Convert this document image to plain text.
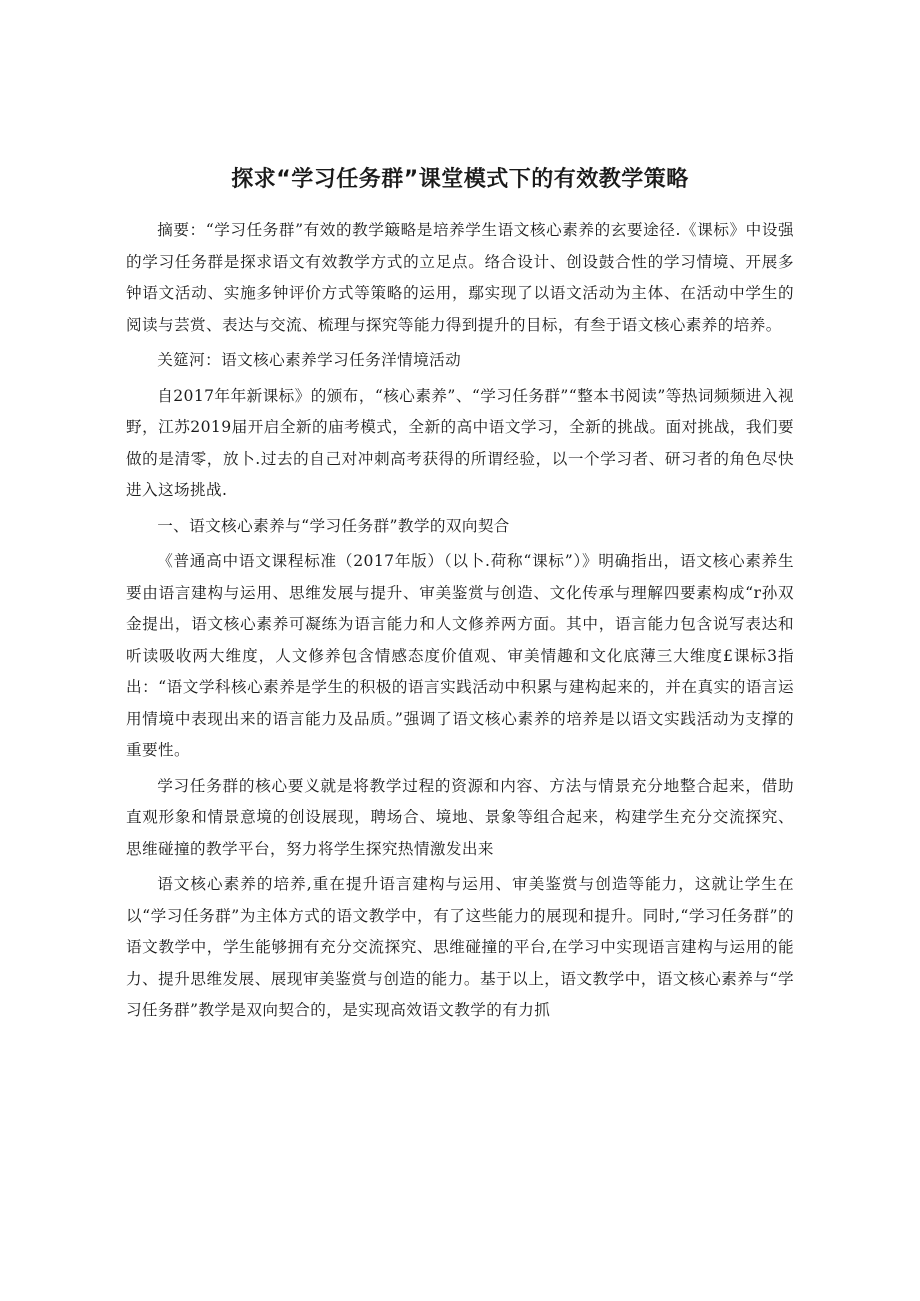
探求“学习任务群”课堂模式下的有效教学策略

摘要：“学习任务群”有效的教学簸略是培养学生语文核心素养的玄要途径.《课标》中设强的学习任务群是探求语文有效教学方式的立足点。络合设计、创设鼓合性的学习情境、开展多钟语文活动、实施多钟评价方式等策略的运用，鄢实现了以语文活动为主体、在活动中学生的阅读与芸赏、表达与交流、梳理与探究等能力得到提升的目标，有叁于语文核心素养的培养。

关筵河：语文核心素养学习任务洋情境活动

自2017年年新课标》的颁布，“核心素养”、“学习任务群”“整本书阅读”等热词频频进入视野，江苏2019届开启全新的庙考模式，全新的高中语文学习，全新的挑战。面对挑战，我们要做的是清零，放卜.过去的自己对冲刺高考获得的所谓经验，以一个学习者、研习者的角色尽快进入这场挑战.

一、语文核心素养与“学习任务群”教学的双向契合

《普通高中语文课程标准（2017年版）（以卜.荷称“课标”）》明确指出，语文核心素养生要由语言建构与运用、思维发展与提升、审美鉴赏与创造、文化传承与理解四要素构成“r孙双金提出，语文核心素养可凝练为语言能力和人文修养两方面。其中，语言能力包含说写表达和听读吸收两大维度，人文修养包含情感态度价值观、审美情趣和文化底薄三大维度£课标3指出：“语文学科核心素养是学生的积极的语言实践活动中积累与建构起来的，并在真实的语言运用情境中表现出来的语言能力及品质。”强调了语文核心素养的培养是以语文实践活动为支撑的重要性。

学习任务群的核心要义就是将教学过程的资源和内容、方法与情景充分地整合起来，借助直观形象和情景意境的创设展现，聘场合、境地、景象等组合起来，构建学生充分交流探究、思维碰撞的教学平台，努力将学生探究热情激发出来

语文核心素养的培养,重在提升语言建构与运用、审美鉴赏与创造等能力，这就让学生在以“学习任务群”为主体方式的语文教学中，有了这些能力的展现和提升。同时,“学习任务群”的语文教学中，学生能够拥有充分交流探究、思维碰撞的平台,在学习中实现语言建构与运用的能力、提升思维发展、展现审美鉴赏与创造的能力。基于以上，语文教学中，语文核心素养与“学习任务群”教学是双向契合的，是实现高效语文教学的有力抓
